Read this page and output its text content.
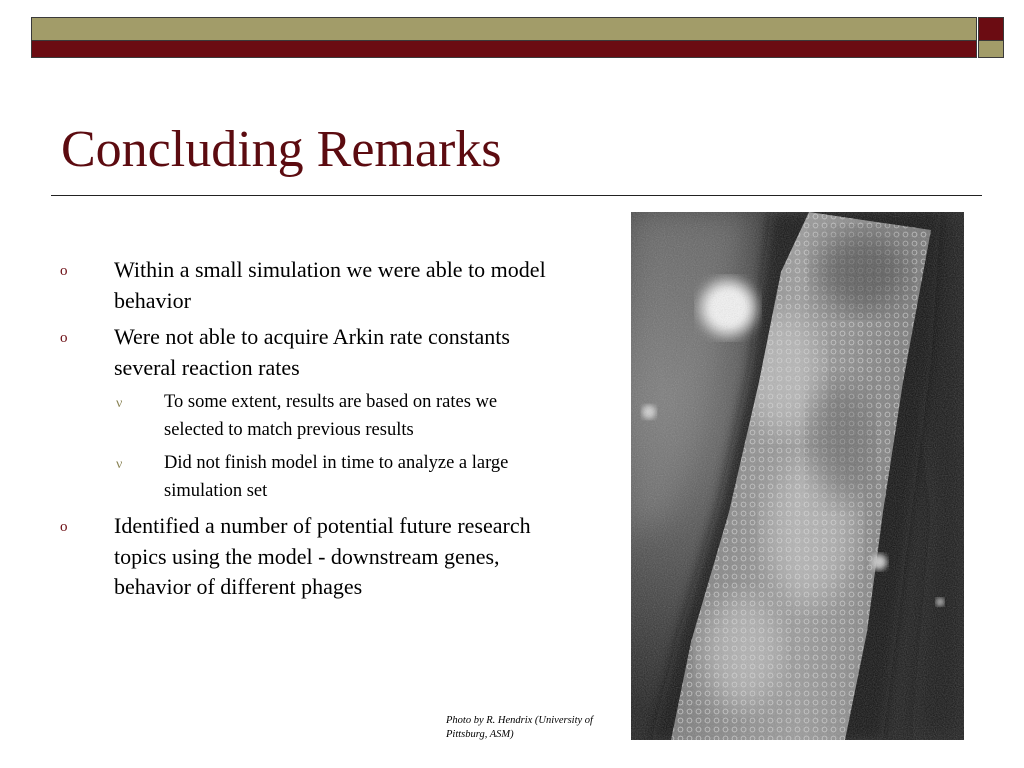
Concluding Remarks
o	Within a small simulation we were able to model behavior
o	Were not able to acquire Arkin rate constants several reaction rates
ν	To some extent, results are based on rates we selected to match previous results
ν	Did not finish model in time to analyze a large simulation set
o	Identified a number of potential future research topics using the model - downstream genes, behavior of different phages
Photo by R. Hendrix (University of Pittsburg, ASM)
